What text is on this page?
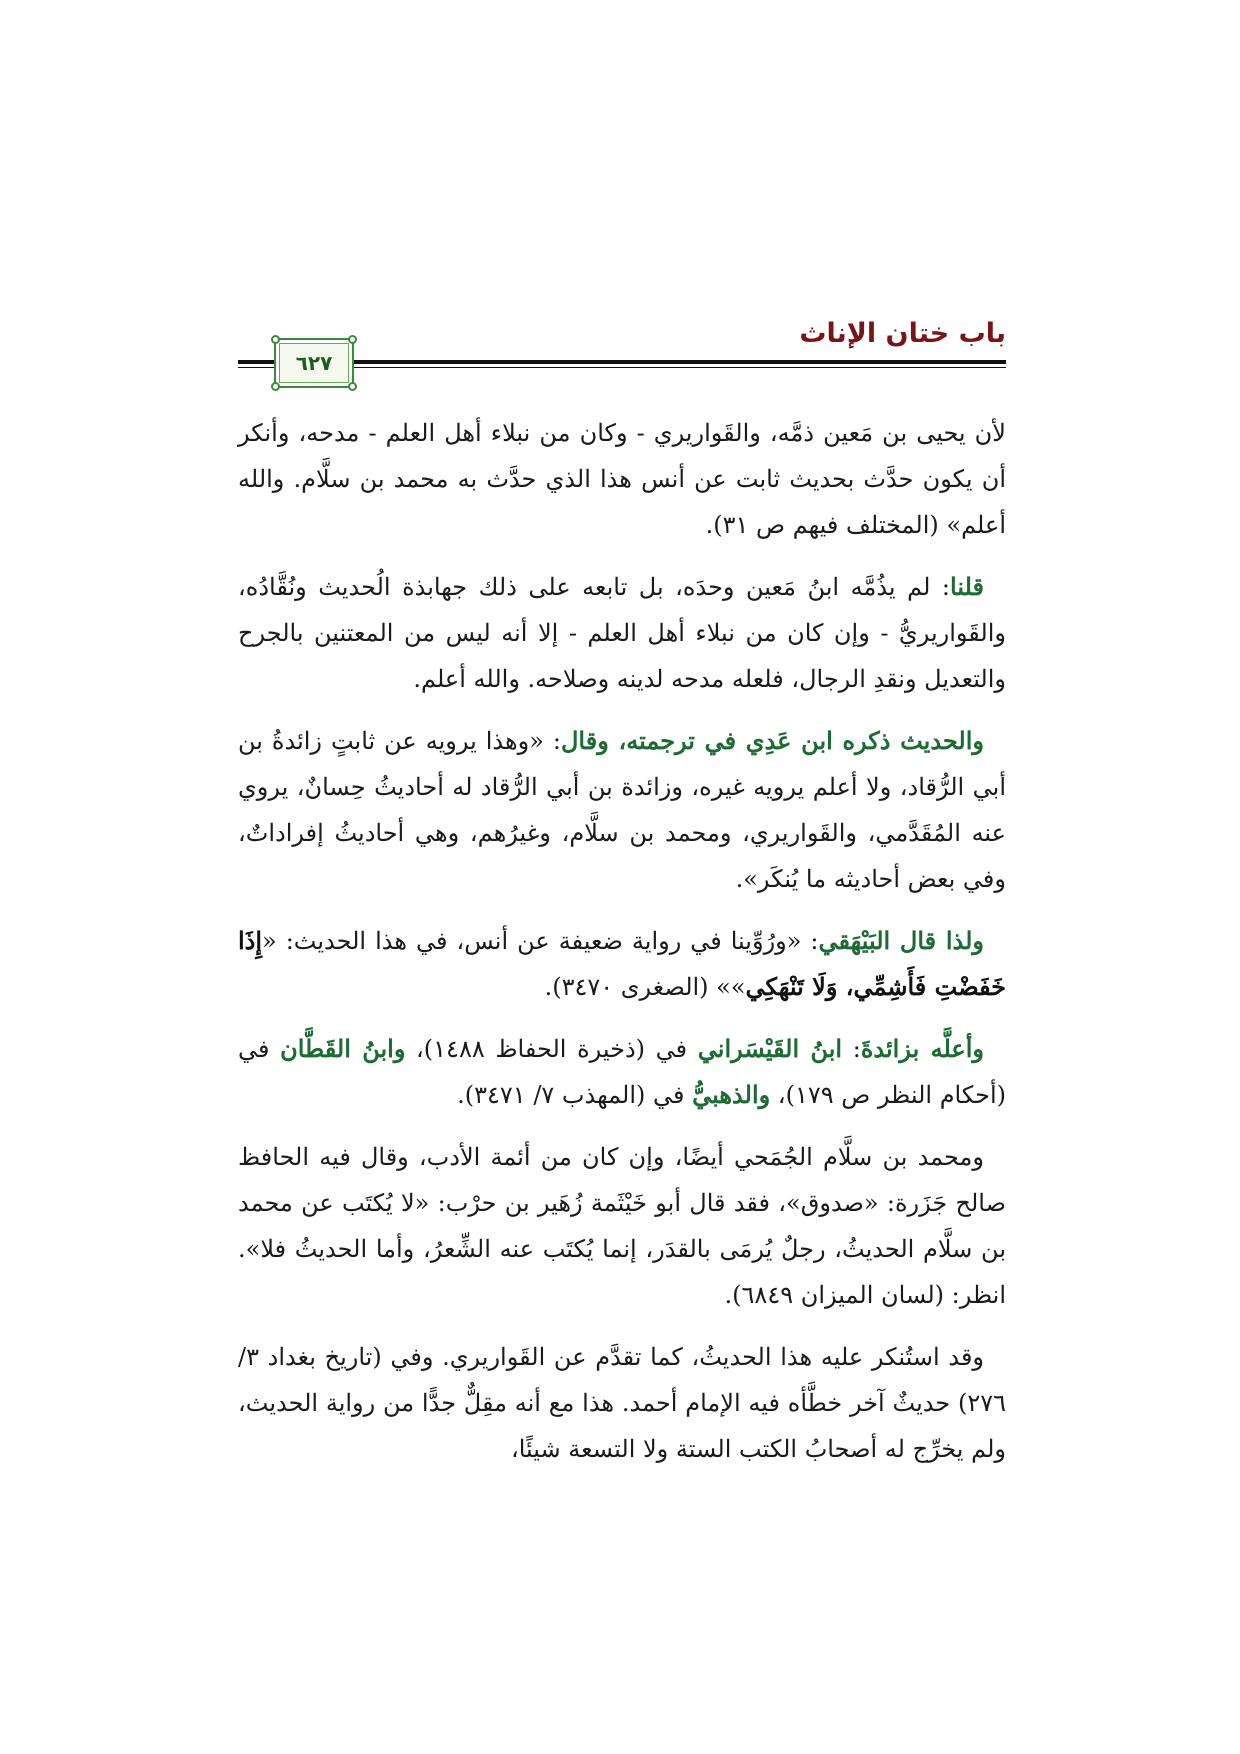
باب ختان الإناث
٦٢٧

لأن يحيى بن مَعين ذمَّه، والقَواريري - وكان من نبلاء أهل العلم - مدحه، وأنكر أن يكون حدَّث بحديث ثابت عن أنس هذا الذي حدَّث به محمد بن سلَّام. والله أعلم» (المختلف فيهم ص ٣١).

قلنا: لم يذُمَّه ابنُ مَعين وحدَه، بل تابعه على ذلك جهابذة الُحديث ونُقَّادُه، والقَواريريُّ - وإن كان من نبلاء أهل العلم - إلا أنه ليس من المعتنين بالجرح والتعديل ونقدِ الرجال، فلعله مدحه لدينه وصلاحه. والله أعلم.

والحديث ذكره ابن عَدِي في ترجمته، وقال: «وهذا يرويه عن ثابتٍ زائدةُ بن أبي الرُّقاد، ولا أعلم يرويه غيره، وزائدة بن أبي الرُّقاد له أحاديثُ حِسانٌ، يروي عنه المُقَدَّمي، والقَواريري، ومحمد بن سلَّام، وغيرُهم، وهي أحاديثُ إفراداتٌ، وفي بعض أحاديثه ما يُنكَر».

ولذا قال البَيْهَقي: «ورُوِّينا في رواية ضعيفة عن أنس، في هذا الحديث: «إِذَا خَفَضْتِ فَأَشِمِّي، وَلَا تَنْهَكِي»» (الصغرى ٣٤٧٠).

وأعلَّه بزائدةَ: ابنُ القَيْسَراني في (ذخيرة الحفاظ ١٤٨٨)، وابنُ القَطَّان في (أحكام النظر ص ١٧٩)، والذهبيُّ في (المهذب ٧/ ٣٤٧١).

ومحمد بن سلَّام الجُمَحي أيضًا، وإن كان من أئمة الأدب، وقال فيه الحافظ صالح جَزَرة: «صدوق»، فقد قال أبو خَيْثَمة زُهَير بن حرْب: «لا يُكتَب عن محمد بن سلَّام الحديثُ، رجلٌ يُرمَى بالقدَر، إنما يُكتَب عنه الشِّعرُ، وأما الحديثُ فلا». انظر: (لسان الميزان ٦٨٤٩).

وقد استُنكر عليه هذا الحديثُ، كما تقدَّم عن القَواريري. وفي (تاريخ بغداد ٣/ ٢٧٦) حديثٌ آخر خطَّأه فيه الإمام أحمد. هذا مع أنه مقِلٌّ جدًّا من رواية الحديث، ولم يخرِّج له أصحابُ الكتب الستة ولا التسعة شيئًا،
